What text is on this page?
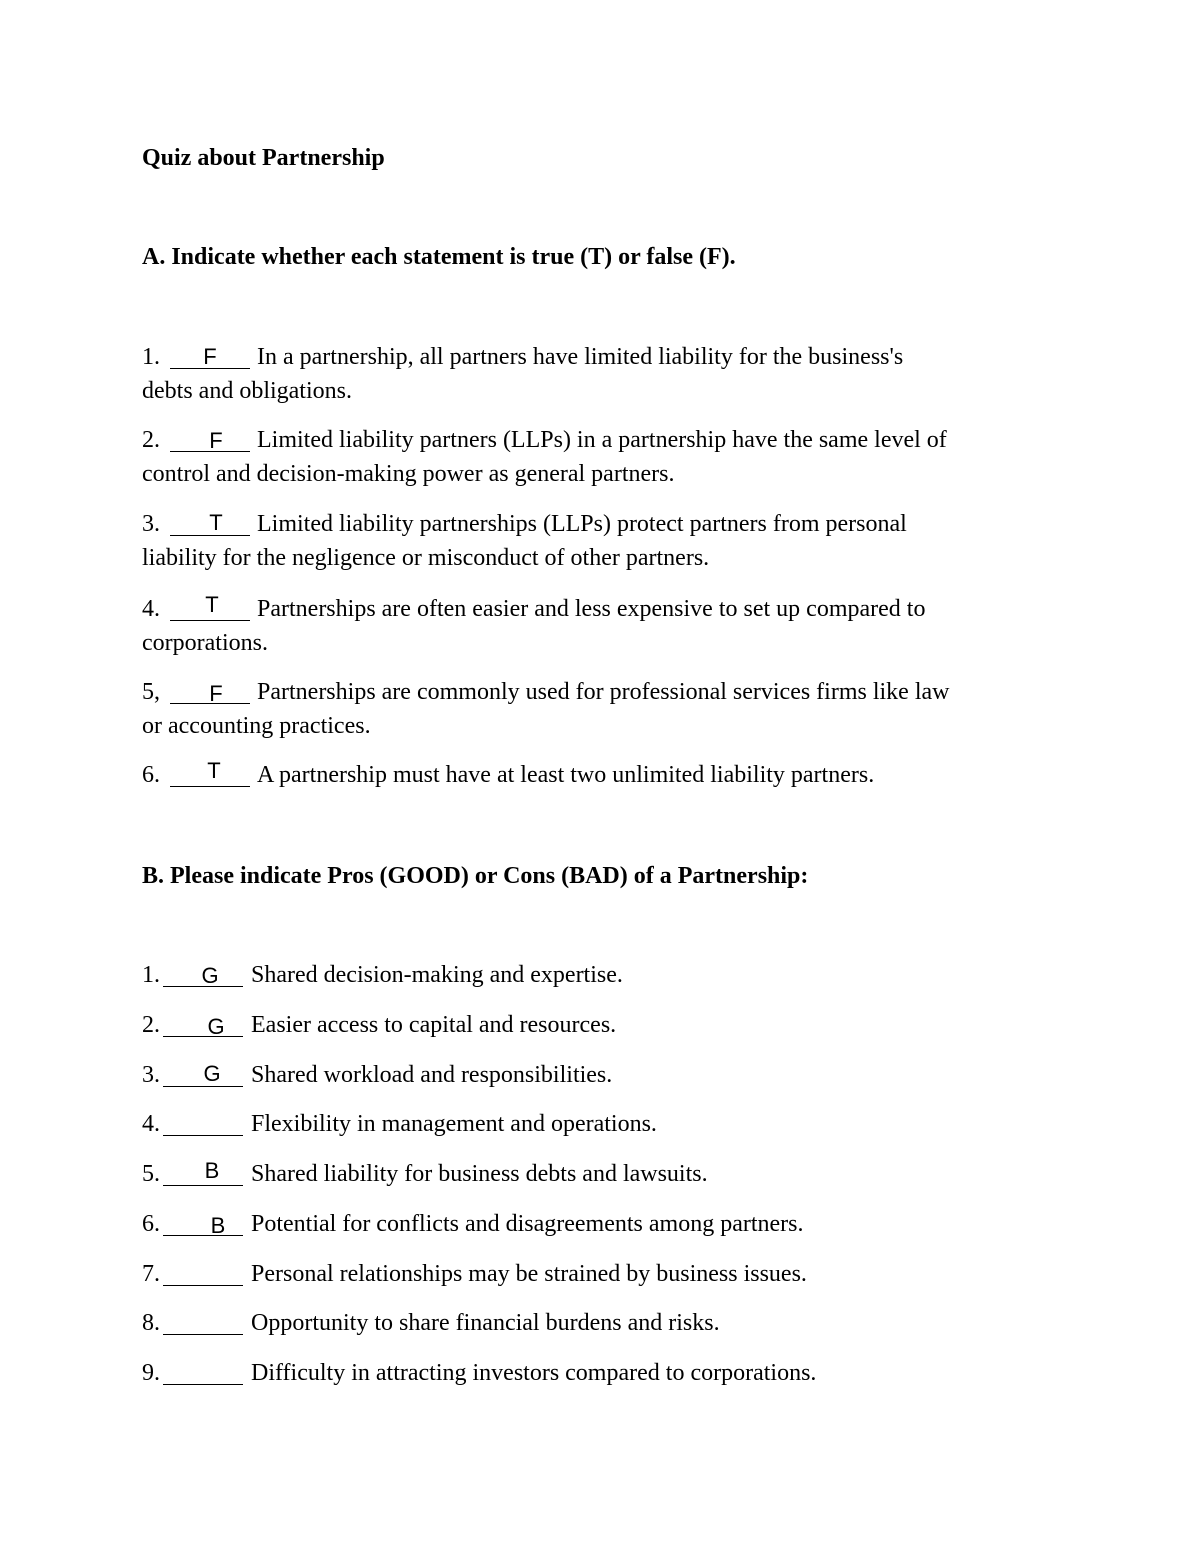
Quiz about Partnership
A. Indicate whether each statement is true (T) or false (F).
1.	F	In a partnership, all partners have limited liability for the business's
debts and obligations.
2.	F	Limited liability partners (LLPs) in a partnership have the same level of
control and decision-making power as general partners.
3.	T	Limited liability partnerships (LLPs) protect partners from personal
liability for the negligence or misconduct of other partners.
4.	T	Partnerships are often easier and less expensive to set up compared to
corporations.
5,	F	Partnerships are commonly used for professional services firms like law
or accounting practices.
6.	T	A partnership must have at least two unlimited liability partners.
B. Please indicate Pros (GOOD) or Cons (BAD) of a Partnership:
1.	G	Shared decision-making and expertise.
2.	G	Easier access to capital and resources.
3.	G	Shared workload and responsibilities.
4.	Flexibility in management and operations.
5.	B	Shared liability for business debts and lawsuits.
6.	B	Potential for conflicts and disagreements among partners.
7.	Personal relationships may be strained by business issues.
8.	Opportunity to share financial burdens and risks.
9.	Difficulty in attracting investors compared to corporations.
